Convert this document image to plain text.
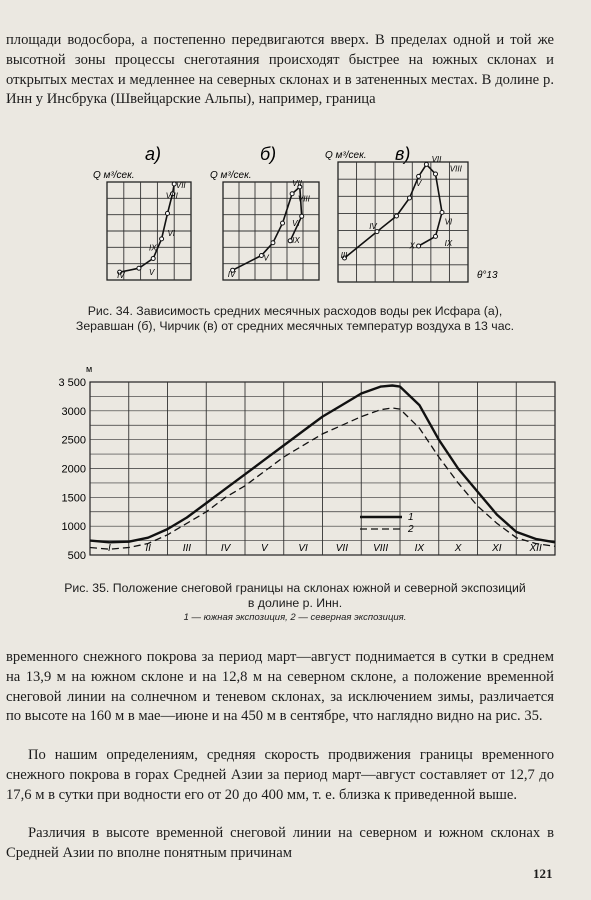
площади водосбора, а постепенно передвигаются вверх. В пределах одной и той же высотной зоны процессы снеготаяния происходят быстрее на южных склонах и открытых местах и медленнее на северных склонах и в затененных местах. В долине р. Инн у Инсбрука (Швейцарские Альпы), например, граница

а)	б)	в)
Q м³/сек.	Q м³/сек.
Q м³/сек.
θ°13
IV	V
IX
VI
VIII
VII
IV
V
IX
VI
VIII
VII
III
IV
V
VI
VII
VIII
IX
X

Рис. 34. Зависимость средних месячных расходов воды рек Исфара (а), Зеравшан (б), Чирчик (в) от средних месячных температур воздуха в 13 час.

500
1000
1500
2000
2500
3000
3 500
I	II	III	IV	V	VI	VII	VIII	IX	X	XI	XII
м
1
2

Рис. 35. Положение снеговой границы на склонах южной и северной экспозиций в долине р. Инн.

1 — южная экспозиция, 2 — северная экспозиция.

временного снежного покрова за период март—август поднимается в сутки в среднем на 13,9 м на южном склоне и на 12,8 м на северном склоне, а положение временной снеговой линии на солнечном и теневом склонах, за исключением зимы, различается по высоте на 160 м в мае—июне и на 450 м в сентябре, что наглядно видно на рис. 35.

По нашим определениям, средняя скорость продвижения границы временного снежного покрова в горах Средней Азии за период март—август составляет от 12,7 до 17,6 м в сутки при водности его от 20 до 400 мм, т. е. близка к приведенной выше.

Различия в высоте временной снеговой линии на северном и южном склонах в Средней Азии по вполне понятным причинам

121
